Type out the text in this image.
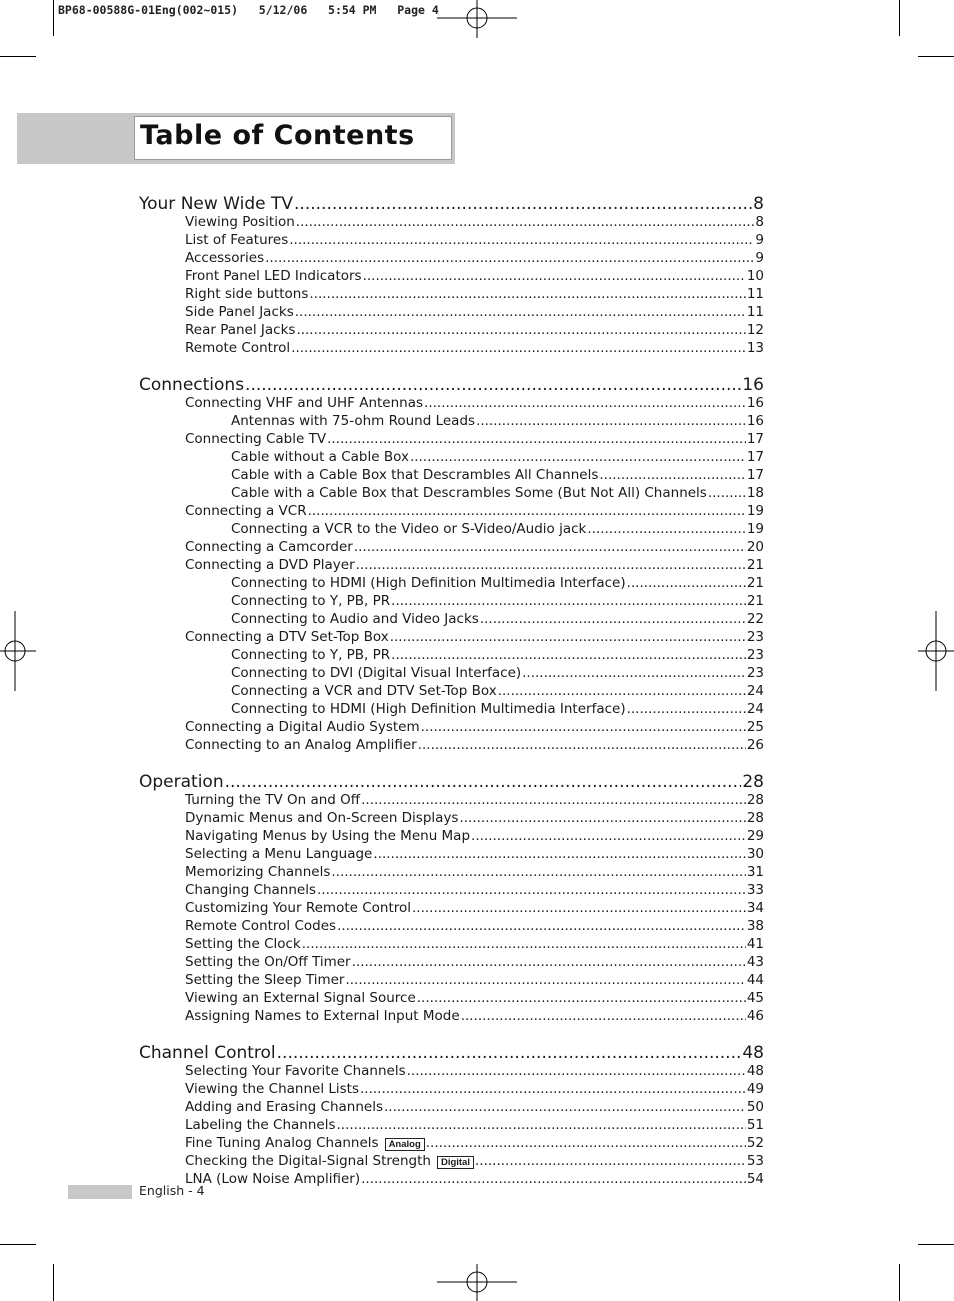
BP68-00588G-01Eng(002~015)   5/12/06   5:54 PM   Page 4
Table of Contents
Your New Wide TV .....	8
Viewing Position .....	8
List of Features .....	9
Accessories .....	9
Front Panel LED Indicators .....	10
Right side buttons .....	11
Side Panel Jacks .....	11
Rear Panel Jacks .....	12
Remote Control .....	13
Connections .....	16
Connecting VHF and UHF Antennas .....	16
Antennas with 75-ohm Round Leads .....	16
Connecting Cable TV .....	17
Cable without a Cable Box .....	17
Cable with a Cable Box that Descrambles All Channels .....	17
Cable with a Cable Box that Descrambles Some (But Not All) Channels .....	18
Connecting a VCR .....	19
Connecting a VCR to the Video or S-Video/Audio jack .....	19
Connecting a Camcorder .....	20
Connecting a DVD Player .....	21
Connecting to HDMI (High Definition Multimedia Interface) .....	21
Connecting to Y, PB, PR .....	21
Connecting to Audio and Video Jacks .....	22
Connecting a DTV Set-Top Box .....	23
Connecting to Y, PB, PR .....	23
Connecting to DVI (Digital Visual Interface) .....	23
Connecting a VCR and DTV Set-Top Box .....	24
Connecting to HDMI (High Definition Multimedia Interface) .....	24
Connecting a Digital Audio System .....	25
Connecting to an Analog Amplifier .....	26
Operation .....	28
Turning the TV On and Off .....	28
Dynamic Menus and On-Screen Displays .....	28
Navigating Menus by Using the Menu Map .....	29
Selecting a Menu Language .....	30
Memorizing Channels .....	31
Changing Channels .....	33
Customizing Your Remote Control .....	34
Remote Control Codes .....	38
Setting the Clock .....	41
Setting the On/Off Timer .....	43
Setting the Sleep Timer .....	44
Viewing an External Signal Source .....	45
Assigning Names to External Input Mode .....	46
Channel Control .....	48
Selecting Your Favorite Channels .....	48
Viewing the Channel Lists .....	49
Adding and Erasing Channels .....	50
Labeling the Channels .....	51
Fine Tuning Analog Channels	Analog .....	52
Checking the Digital-Signal Strength	Digital .....	53
LNA (Low Noise Amplifier) .....	54
English - 4
